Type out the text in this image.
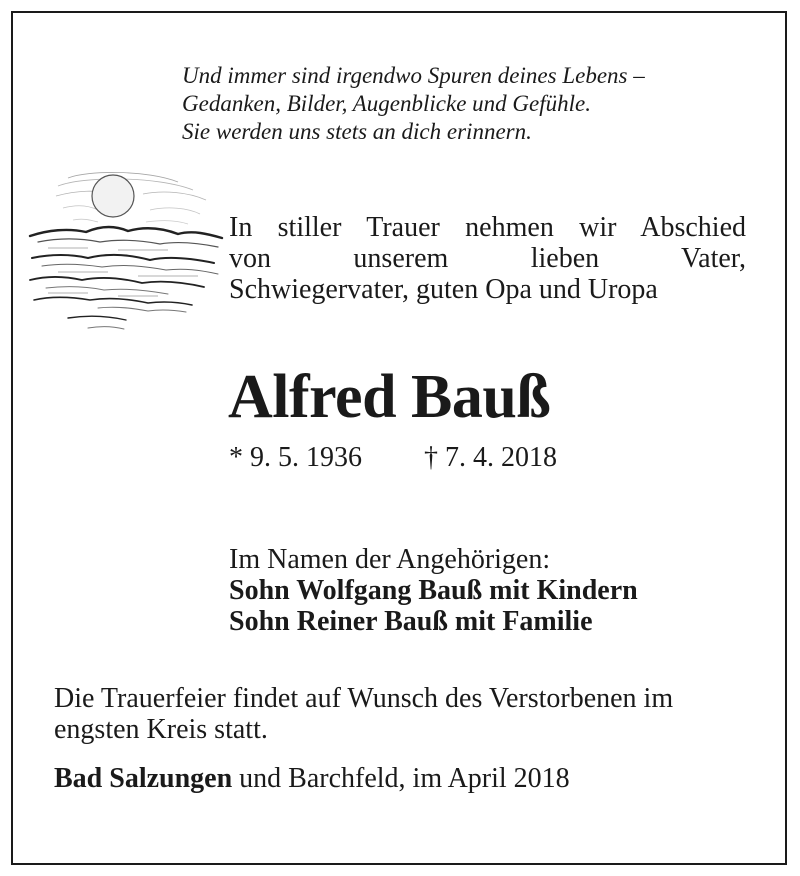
Und immer sind irgendwo Spuren deines Lebens –
Gedanken, Bilder, Augenblicke und Gefühle.
Sie werden uns stets an dich erinnern.
In stiller Trauer nehmen wir Abschied
von unserem lieben Vater,
Schwiegervater, guten Opa und Uropa
Alfred Bauß
* 9. 5. 1936 † 7. 4. 2018
Im Namen der Angehörigen:
Sohn Wolfgang Bauß mit Kindern
Sohn Reiner Bauß mit Familie
Die Trauerfeier findet auf Wunsch des Verstorbenen im engsten Kreis statt.
Bad Salzungen und Barchfeld, im April 2018
